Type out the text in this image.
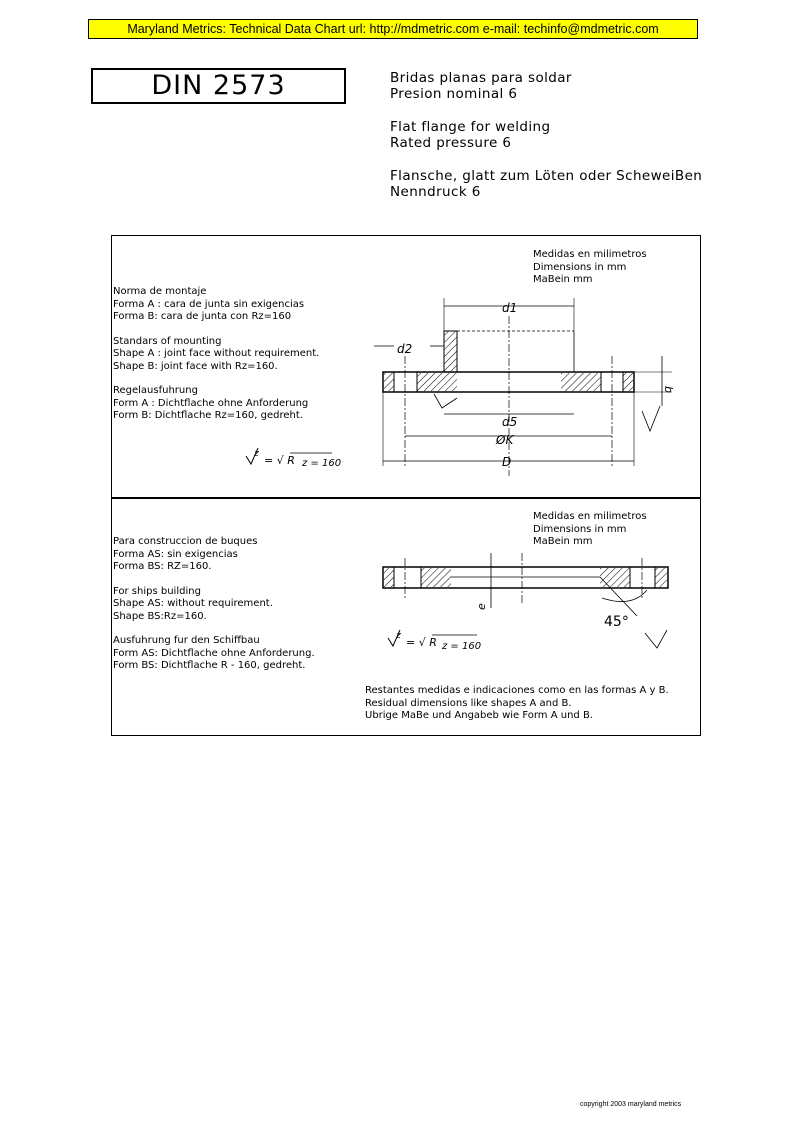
Maryland Metrics: Technical Data Chart url: http://mdmetric.com e-mail: techinfo@mdmetric.com
DIN 2573	Bridas planas para soldar
Presion nominal 6
Flat flange for welding
Rated pressure 6
Flansche, glatt zum Löten oder ScheweiBen
Nenndruck 6
Medidas en milimetros
Dimensions in mm
MaBein mm
Norma de montaje
Forma A : cara de junta sin exigencias
Forma B: cara de junta con Rz=160
Standars of mounting
Shape A : joint face without requirement.
Shape B: joint face with Rz=160.
Regelausfuhrung
Form A : Dichtflache ohne Anforderung
Form B: Dichtflache Rz=160, gedreht.
z = √ R z = 160
d1
d2
b
d5
ØK
D
Medidas en milimetros
Dimensions in mm
MaBein mm
Para construccion de buques
Forma AS: sin exigencias
Forma BS: RZ=160.
For ships building
Shape AS: without requirement.
Shape BS:Rz=160.
Ausfuhrung fur den Schiffbau
Form AS: Dichtflache ohne Anforderung.
Form BS: Dichtflache R - 160, gedreht.
e
45°
z = √ R z = 160
Restantes medidas e indicaciones como en las formas A y B.
Residual dimensions like shapes A and B.
Ubrige MaBe und Angabeb wie Form A und B.
copyright 2003 maryland metrics
